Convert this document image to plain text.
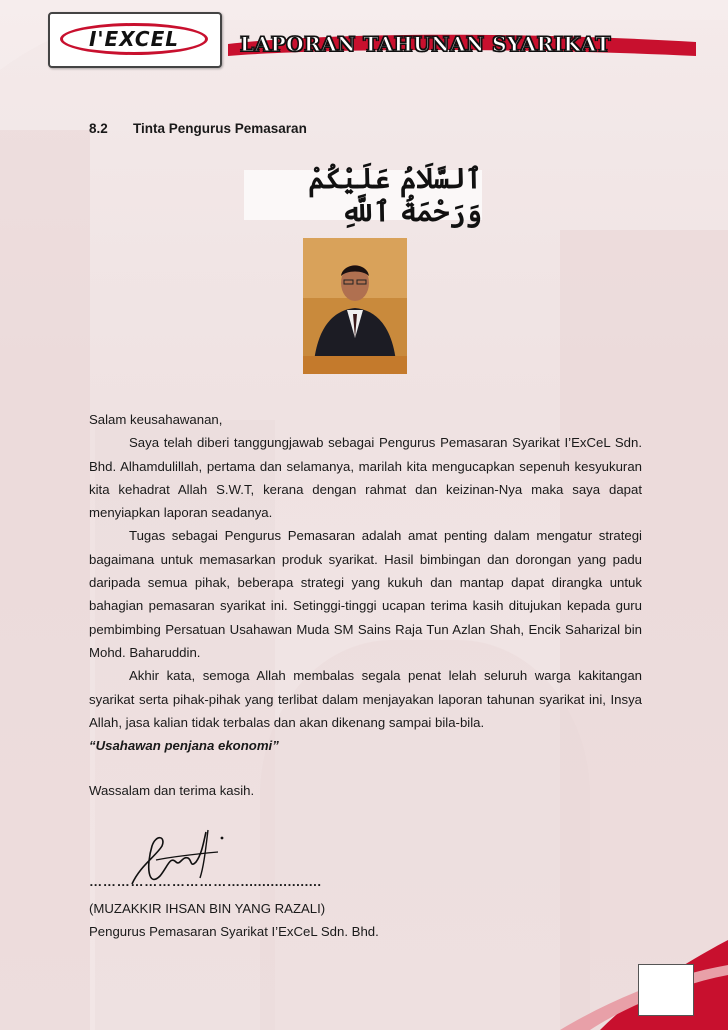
I'EXCEL	LAPORAN TAHUNAN SYARIKAT
8.2 Tinta Pengurus Pemasaran
ٱلسَّلَامُ عَلَيْكُمْ وَرَحْمَةُ ٱللَّهِ

Salam keusahawanan,

Saya telah diberi tanggungjawab sebagai Pengurus Pemasaran Syarikat I’ExCeL Sdn. Bhd. Alhamdulillah, pertama dan selamanya, marilah kita mengucapkan sepenuh kesyukuran kita kehadrat Allah S.W.T, kerana dengan rahmat dan keizinan-Nya maka saya dapat menyiapkan laporan seadanya.

Tugas sebagai Pengurus Pemasaran adalah amat penting dalam mengatur strategi bagaimana untuk memasarkan produk syarikat. Hasil bimbingan dan dorongan yang padu daripada semua pihak, beberapa strategi yang kukuh dan mantap dapat dirangka untuk bahagian pemasaran syarikat ini. Setinggi-tinggi ucapan terima kasih ditujukan kepada guru pembimbing Persatuan Usahawan Muda SM Sains Raja Tun Azlan Shah, Encik Saharizal bin Mohd. Baharuddin.

Akhir kata, semoga Allah membalas segala penat lelah seluruh warga kakitangan syarikat serta pihak-pihak yang terlibat dalam menjayakan laporan tahunan syarikat ini, Insya Allah, jasa kalian tidak terbalas dan akan dikenang sampai bila-bila.

“Usahawan penjana ekonomi”

Wassalam dan terima kasih.
……………………………...................
(MUZAKKIR IHSAN BIN YANG RAZALI)
Pengurus Pemasaran Syarikat I’ExCeL Sdn. Bhd.
